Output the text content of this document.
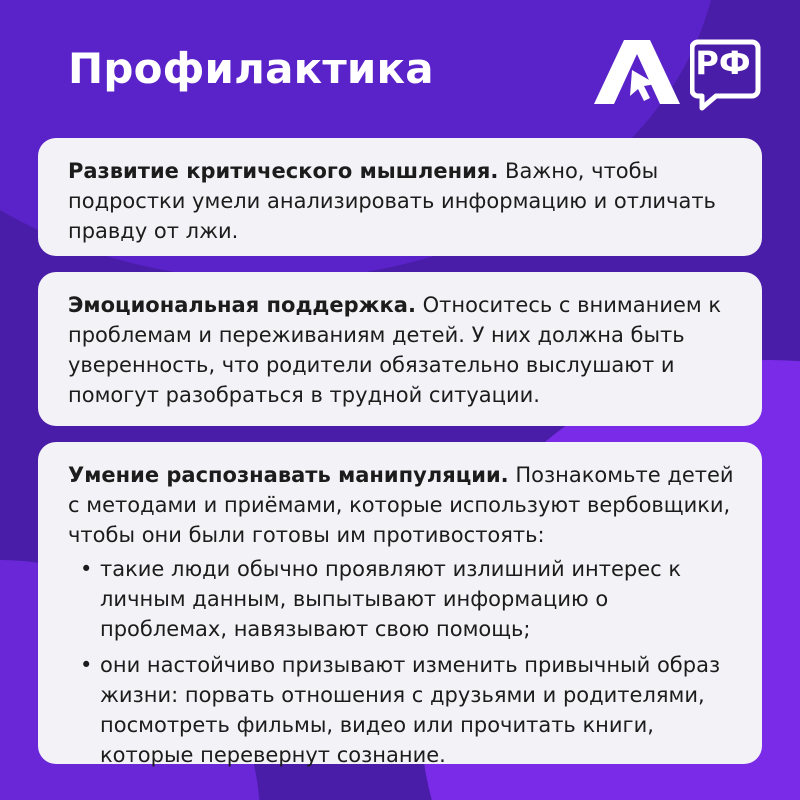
Профилактика	РФ

Развитие критического мышления. Важно, чтобы подростки умели анализировать информацию и отличать правду от лжи.

Эмоциональная поддержка. Относитесь с вниманием к проблемам и переживаниям детей. У них должна быть уверенность, что родители обязательно выслушают и помогут разобраться в трудной ситуации.

Умение распознавать манипуляции. Познакомьте детей с методами и приёмами, которые используют вербовщики, чтобы они были готовы им противостоять:

• такие люди обычно проявляют излишний интерес к личным данным, выпытывают информацию о проблемах, навязывают свою помощь;
• они настойчиво призывают изменить привычный образ жизни: порвать отношения с друзьями и родителями, посмотреть фильмы, видео или прочитать книги, которые перевернут сознание.
